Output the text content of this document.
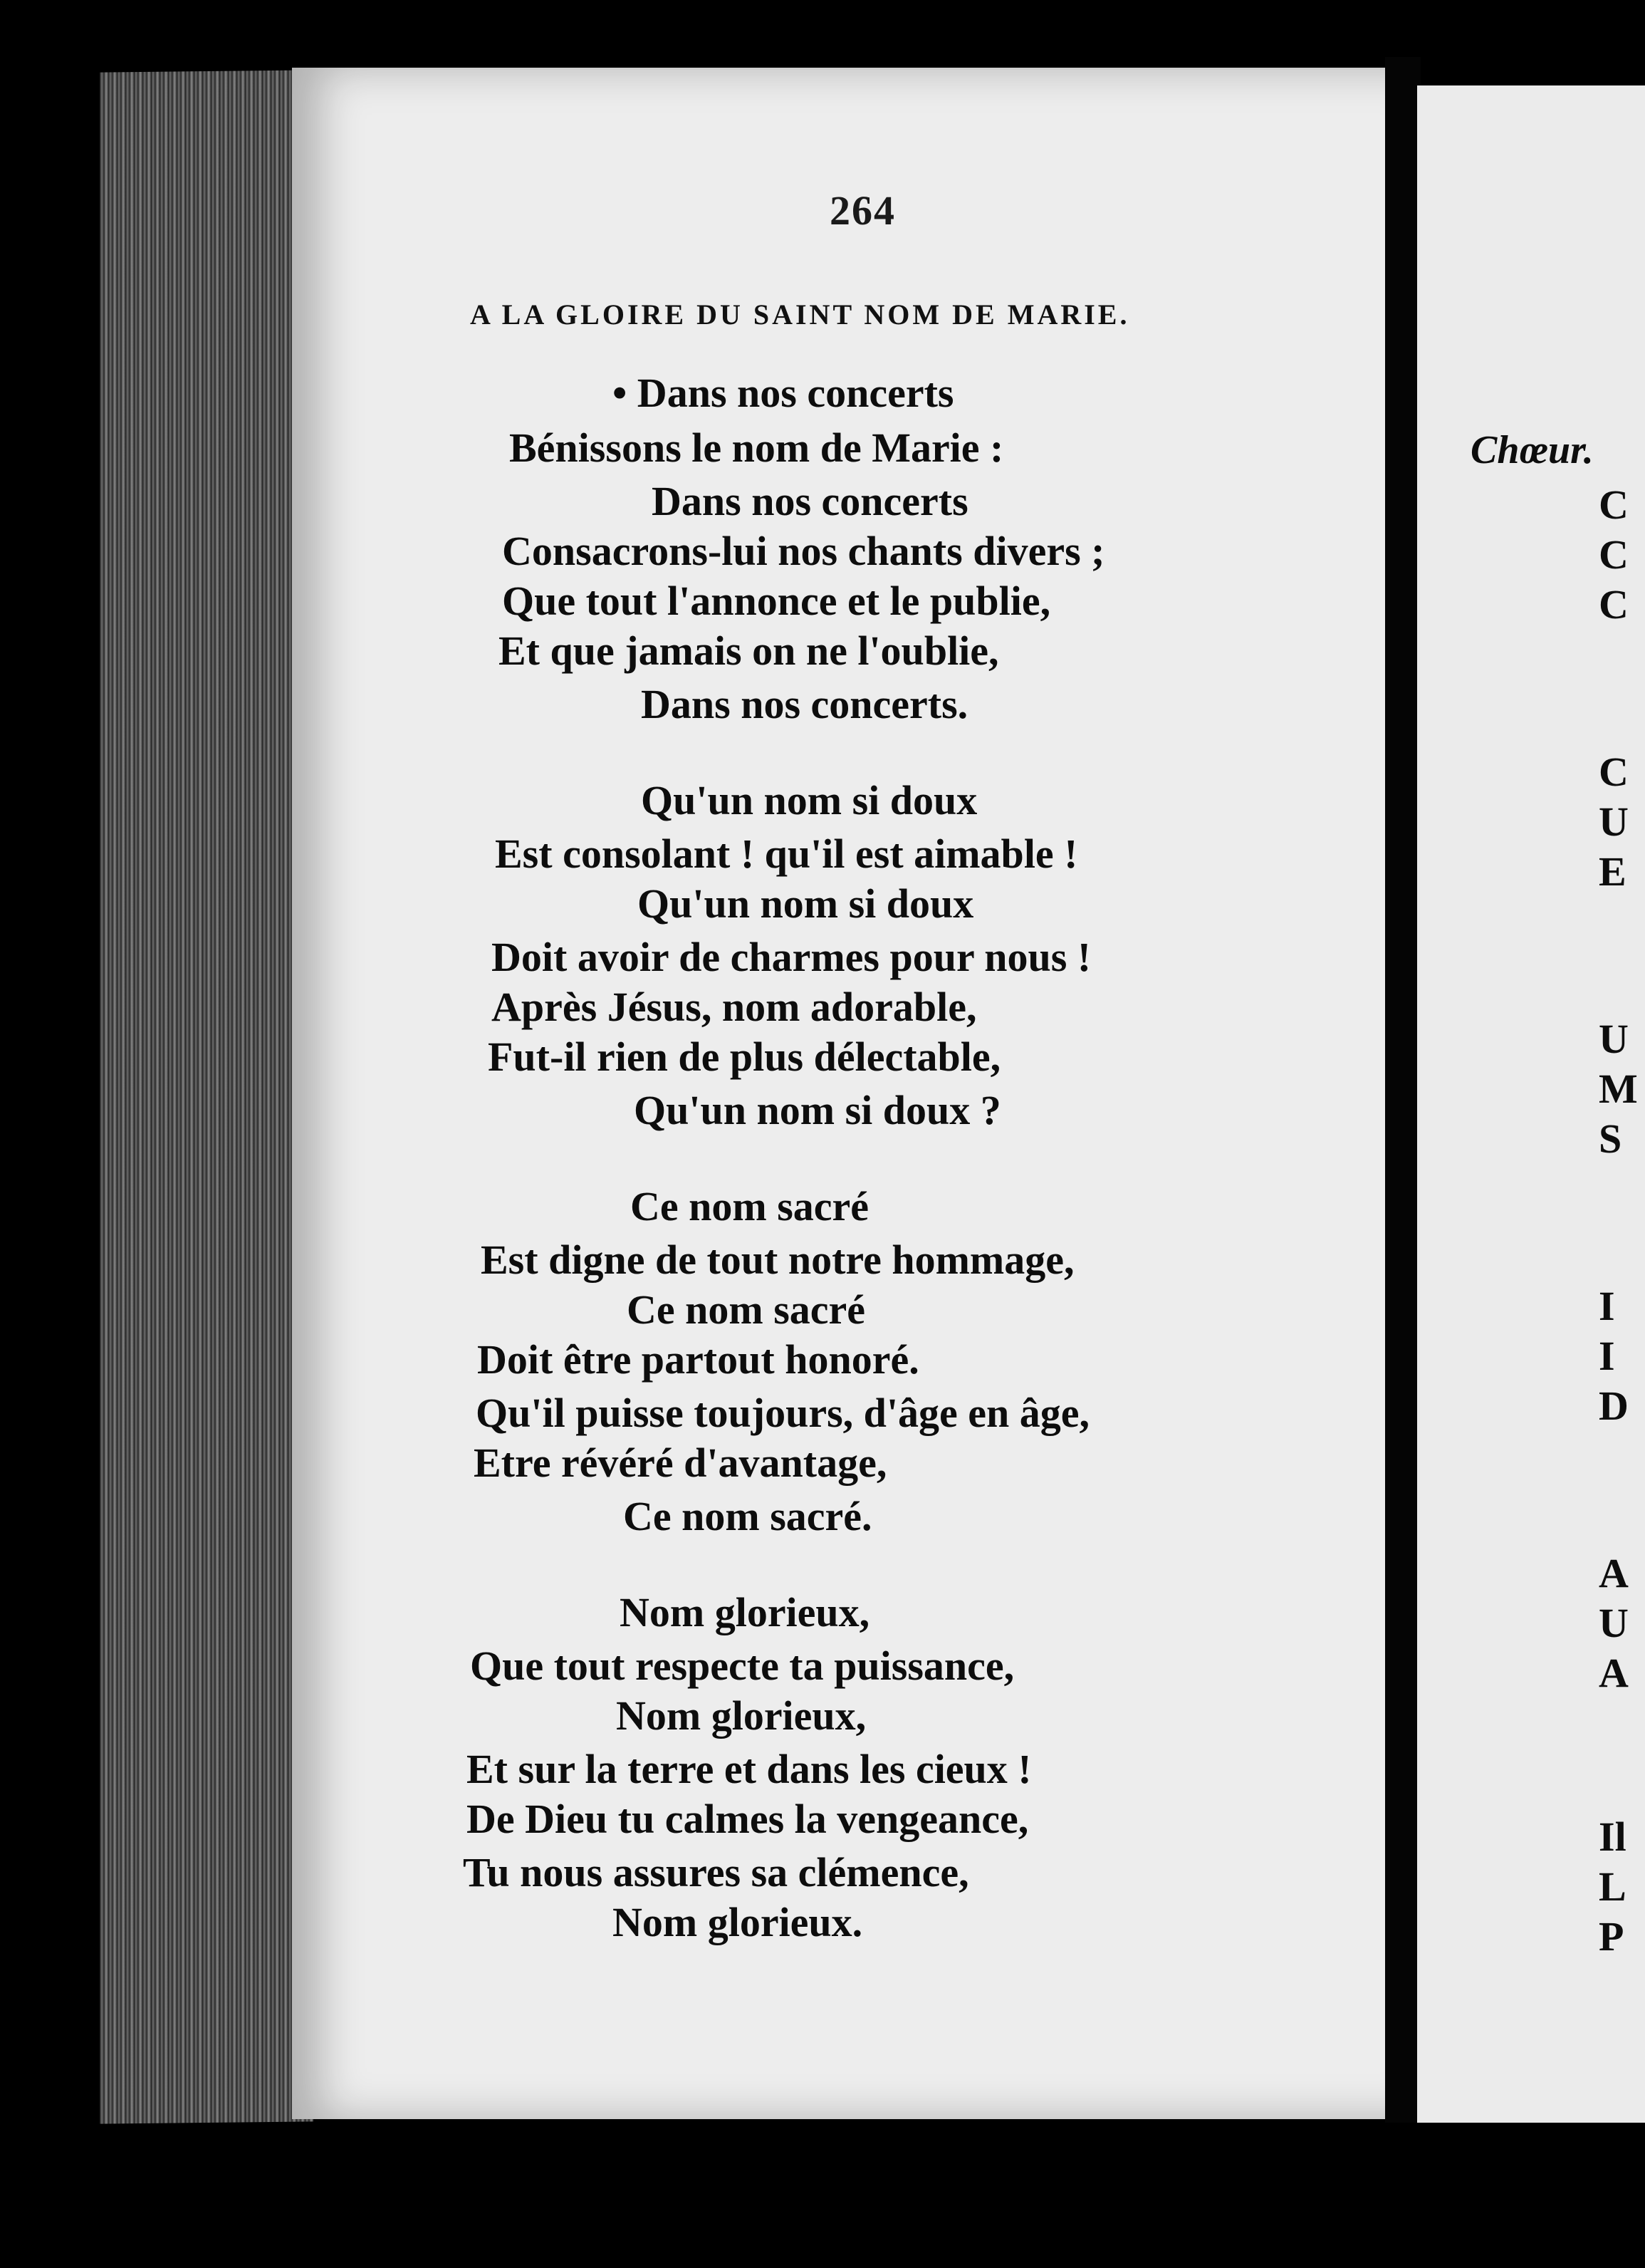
264
A LA GLOIRE DU SAINT NOM DE MARIE.
• Dans nos concerts
Bénissons le nom de Marie :
Dans nos concerts
Consacrons-lui nos chants divers ;
Que tout l'annonce et le publie,
Et que jamais on ne l'oublie,
Dans nos concerts.
Qu'un nom si doux
Est consolant ! qu'il est aimable !
Qu'un nom si doux
Doit avoir de charmes pour nous !
Après Jésus, nom adorable,
Fut-il rien de plus délectable,
Qu'un nom si doux ?
Ce nom sacré
Est digne de tout notre hommage,
Ce nom sacré
Doit être partout honoré.
Qu'il puisse toujours, d'âge en âge,
Etre révéré d'avantage,
Ce nom sacré.
Nom glorieux,
Que tout respecte ta puissance,
Nom glorieux,
Et sur la terre et dans les cieux !
De Dieu tu calmes la vengeance,
Tu nous assures sa clémence,
Nom glorieux.
Chœur.
C
C
C
C
U
E
U
M
S
I
I
D
A
U
A
Il
L
P
